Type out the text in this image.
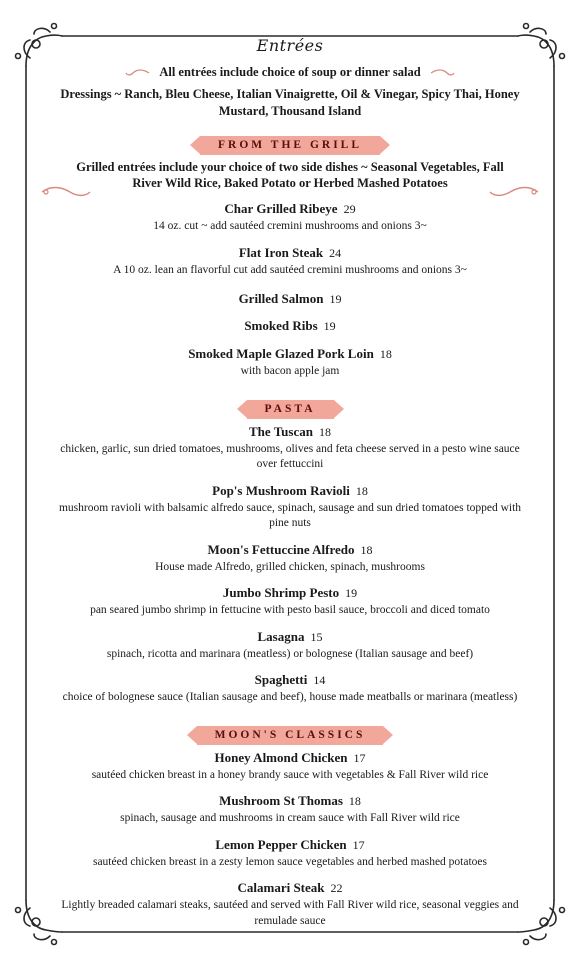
Entrées
All entrées include choice of soup or dinner salad
Dressings ~ Ranch, Bleu Cheese, Italian Vinaigrette, Oil & Vinegar, Spicy Thai, Honey Mustard, Thousand Island
FROM THE GRILL
Grilled entrées include your choice of two side dishes ~ Seasonal Vegetables, Fall River Wild Rice, Baked Potato or Herbed Mashed Potatoes
Char Grilled Ribeye 29
14 oz. cut ~ add sautéed cremini mushrooms and onions 3~
Flat Iron Steak 24
A 10 oz. lean an flavorful cut add sautéed cremini mushrooms and onions 3~
Grilled Salmon 19
Smoked Ribs 19
Smoked Maple Glazed Pork Loin 18
with bacon apple jam
PASTA
The Tuscan 18
chicken, garlic, sun dried tomatoes, mushrooms, olives and feta cheese served in a pesto wine sauce over fettuccini
Pop's Mushroom Ravioli 18
mushroom ravioli with balsamic alfredo sauce, spinach, sausage and sun dried tomatoes topped with pine nuts
Moon's Fettuccine Alfredo 18
House made Alfredo, grilled chicken, spinach, mushrooms
Jumbo Shrimp Pesto 19
pan seared jumbo shrimp in fettucine with pesto basil sauce, broccoli and diced tomato
Lasagna 15
spinach, ricotta and marinara (meatless) or bolognese (Italian sausage and beef)
Spaghetti 14
choice of bolognese sauce (Italian sausage and beef), house made meatballs or marinara (meatless)
MOON'S CLASSICS
Honey Almond Chicken 17
sautéed chicken breast in a honey brandy sauce with vegetables & Fall River wild rice
Mushroom St Thomas 18
spinach, sausage and mushrooms in cream sauce with Fall River wild rice
Lemon Pepper Chicken 17
sautéed chicken breast in a zesty lemon sauce vegetables and herbed mashed potatoes
Calamari Steak 22
Lightly breaded calamari steaks, sautéed and served with Fall River wild rice, seasonal veggies and remulade sauce
